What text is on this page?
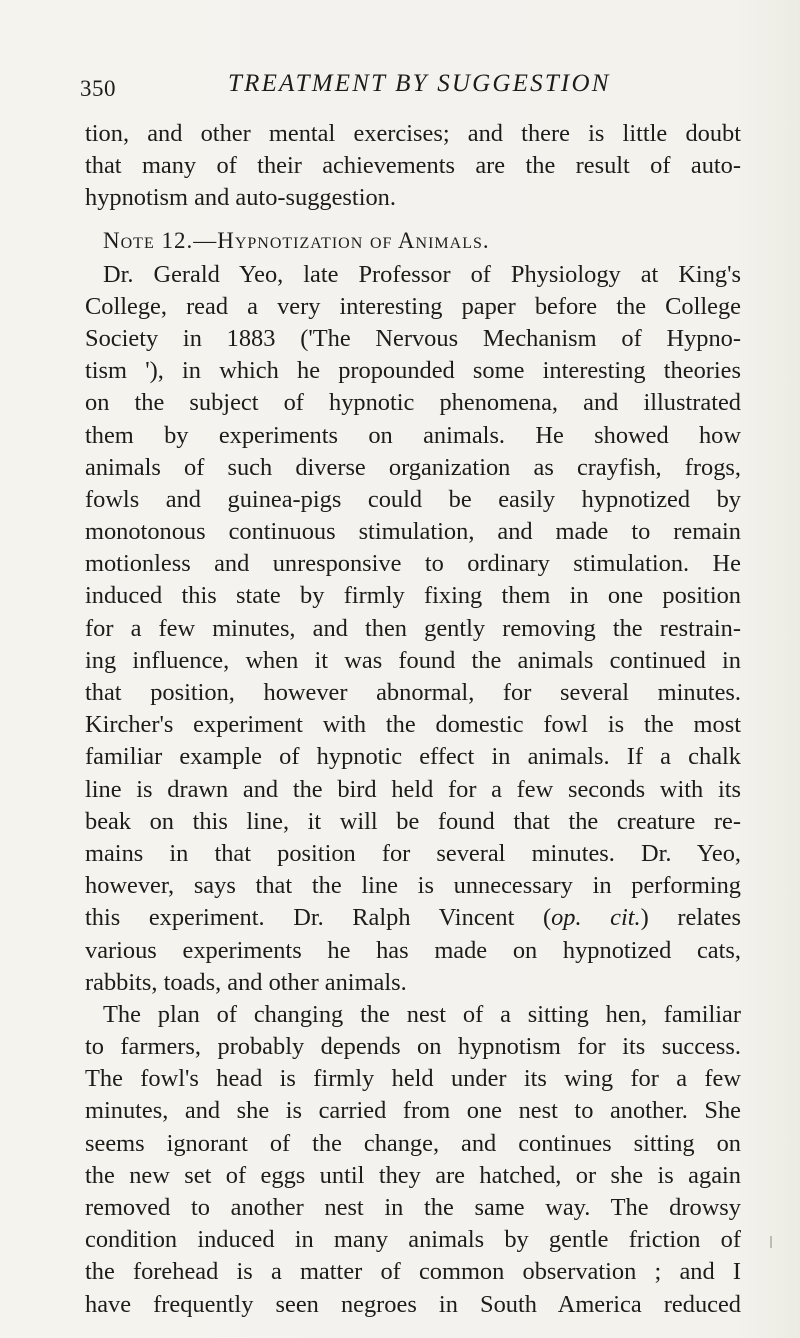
350	TREATMENT BY SUGGESTION
tion, and other mental exercises; and there is little doubt
that many of their achievements are the result of auto-
hypnotism and auto-suggestion.
Note 12.—Hypnotization of Animals.
Dr. Gerald Yeo, late Professor of Physiology at King's
College, read a very interesting paper before the College
Society in 1883 ('The Nervous Mechanism of Hypno-
tism '), in which he propounded some interesting theories
on the subject of hypnotic phenomena, and illustrated
them by experiments on animals. He showed how
animals of such diverse organization as crayfish, frogs,
fowls and guinea-pigs could be easily hypnotized by
monotonous continuous stimulation, and made to remain
motionless and unresponsive to ordinary stimulation. He
induced this state by firmly fixing them in one position
for a few minutes, and then gently removing the restrain-
ing influence, when it was found the animals continued in
that position, however abnormal, for several minutes.
Kircher's experiment with the domestic fowl is the most
familiar example of hypnotic effect in animals. If a chalk
line is drawn and the bird held for a few seconds with its
beak on this line, it will be found that the creature re-
mains in that position for several minutes. Dr. Yeo,
however, says that the line is unnecessary in performing
this experiment. Dr. Ralph Vincent (op. cit.) relates
various experiments he has made on hypnotized cats,
rabbits, toads, and other animals.
The plan of changing the nest of a sitting hen, familiar
to farmers, probably depends on hypnotism for its success.
The fowl's head is firmly held under its wing for a few
minutes, and she is carried from one nest to another. She
seems ignorant of the change, and continues sitting on
the new set of eggs until they are hatched, or she is again
removed to another nest in the same way. The drowsy
condition induced in many animals by gentle friction of
the forehead is a matter of common observation ; and I
have frequently seen negroes in South America reduced
